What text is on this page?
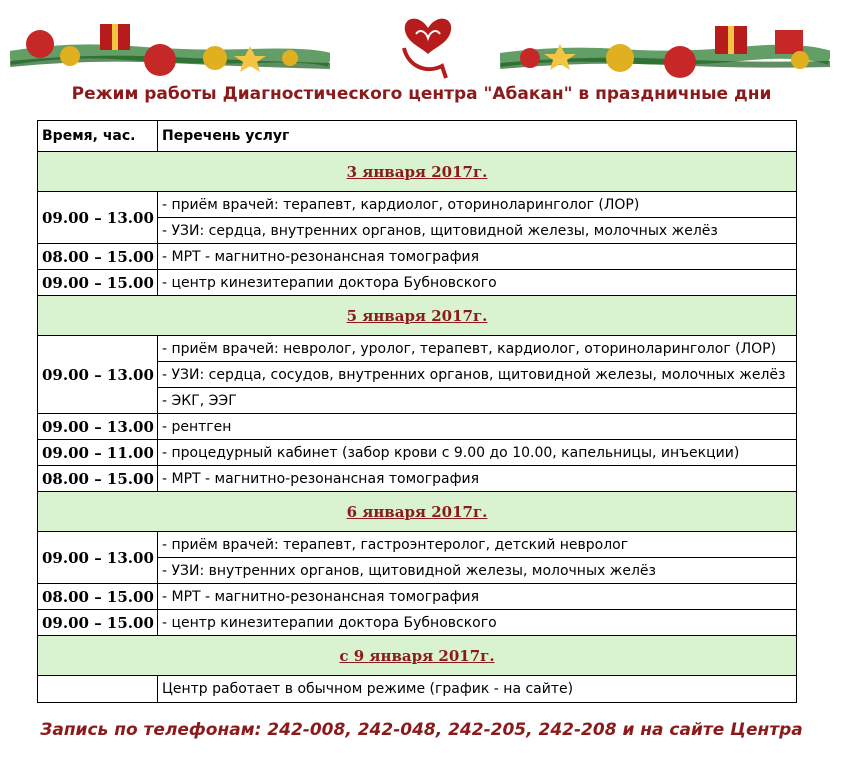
Режим работы Диагностического центра "Абакан" в праздничные дни
Время, час.	Перечень услуг
3 января 2017г.	
09.00 – 13.00	- приём врачей: терапевт, кардиолог, оториноларинголог (ЛОР)
	- УЗИ: сердца, внутренних органов, щитовидной железы, молочных желёз
08.00 – 15.00	- МРТ - магнитно-резонансная томография
09.00 – 15.00	- центр кинезитерапии доктора Бубновского
5 января 2017г.	
09.00 – 13.00	- приём врачей: невролог, уролог, терапевт, кардиолог, оториноларинголог (ЛОР)
	- УЗИ: сердца, сосудов, внутренних органов, щитовидной железы, молочных желёз
	- ЭКГ, ЭЭГ
09.00 – 13.00	- рентген
09.00 – 11.00	- процедурный кабинет (забор крови с 9.00 до 10.00, капельницы, инъекции)
08.00 – 15.00	- МРТ - магнитно-резонансная томография
6 января 2017г.	
09.00 – 13.00	- приём врачей: терапевт, гастроэнтеролог, детский невролог
	- УЗИ: внутренних органов, щитовидной железы, молочных желёз
08.00 – 15.00	- МРТ - магнитно-резонансная томография
09.00 – 15.00	- центр кинезитерапии доктора Бубновского
с 9 января 2017г.	
	Центр работает в обычном режиме (график - на сайте)
Запись по телефонам: 242-008, 242-048, 242-205, 242-208 и на сайте Центра
